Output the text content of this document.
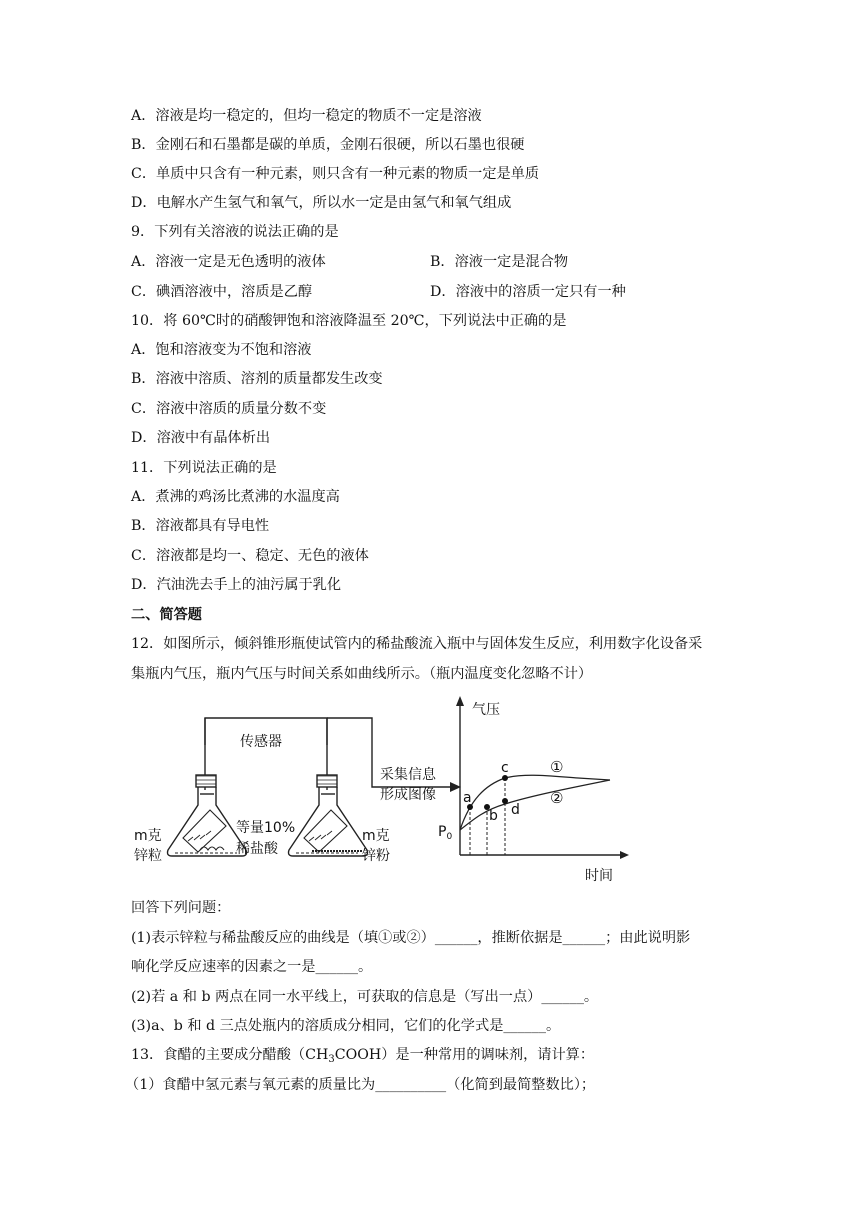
A．溶液是均一稳定的，但均一稳定的物质不一定是溶液
B．金刚石和石墨都是碳的单质，金刚石很硬，所以石墨也很硬
C．单质中只含有一种元素，则只含有一种元素的物质一定是单质
D．电解水产生氢气和氧气，所以水一定是由氢气和氧气组成
9．下列有关溶液的说法正确的是
A．溶液一定是无色透明的液体	B．溶液一定是混合物
C．碘酒溶液中，溶质是乙醇	D．溶液中的溶质一定只有一种
10．将 60℃时的硝酸钾饱和溶液降温至 20℃，下列说法中正确的是
A．饱和溶液变为不饱和溶液
B．溶液中溶质、溶剂的质量都发生改变
C．溶液中溶质的质量分数不变
D．溶液中有晶体析出
11．下列说法正确的是
A．煮沸的鸡汤比煮沸的水温度高
B．溶液都具有导电性
C．溶液都是均一、稳定、无色的液体
D．汽油洗去手上的油污属于乳化
二、简答题
12．如图所示，倾斜锥形瓶使试管内的稀盐酸流入瓶中与固体发生反应，利用数字化设备采
集瓶内气压，瓶内气压与时间关系如曲线所示。（瓶内温度变化忽略不计）
传感器
m克
锌粒
等量10%
稀盐酸
m克
锌粉
采集信息
形成图像
气压
时间
$P_0$
a
b
c
d
①
②
回答下列问题：
(1)表示锌粒与稀盐酸反应的曲线是（填①或②）______，推断依据是______；由此说明影
响化学反应速率的因素之一是______。
(2)若 a 和 b 两点在同一水平线上，可获取的信息是（写出一点）______。
(3)a、b 和 d 三点处瓶内的溶质成分相同，它们的化学式是______。
13．食醋的主要成分醋酸$(CH_3COOH)$是一种常用的调味剂，请计算：
（1）食醋中氢元素与氧元素的质量比为__________（化简到最简整数比）；
